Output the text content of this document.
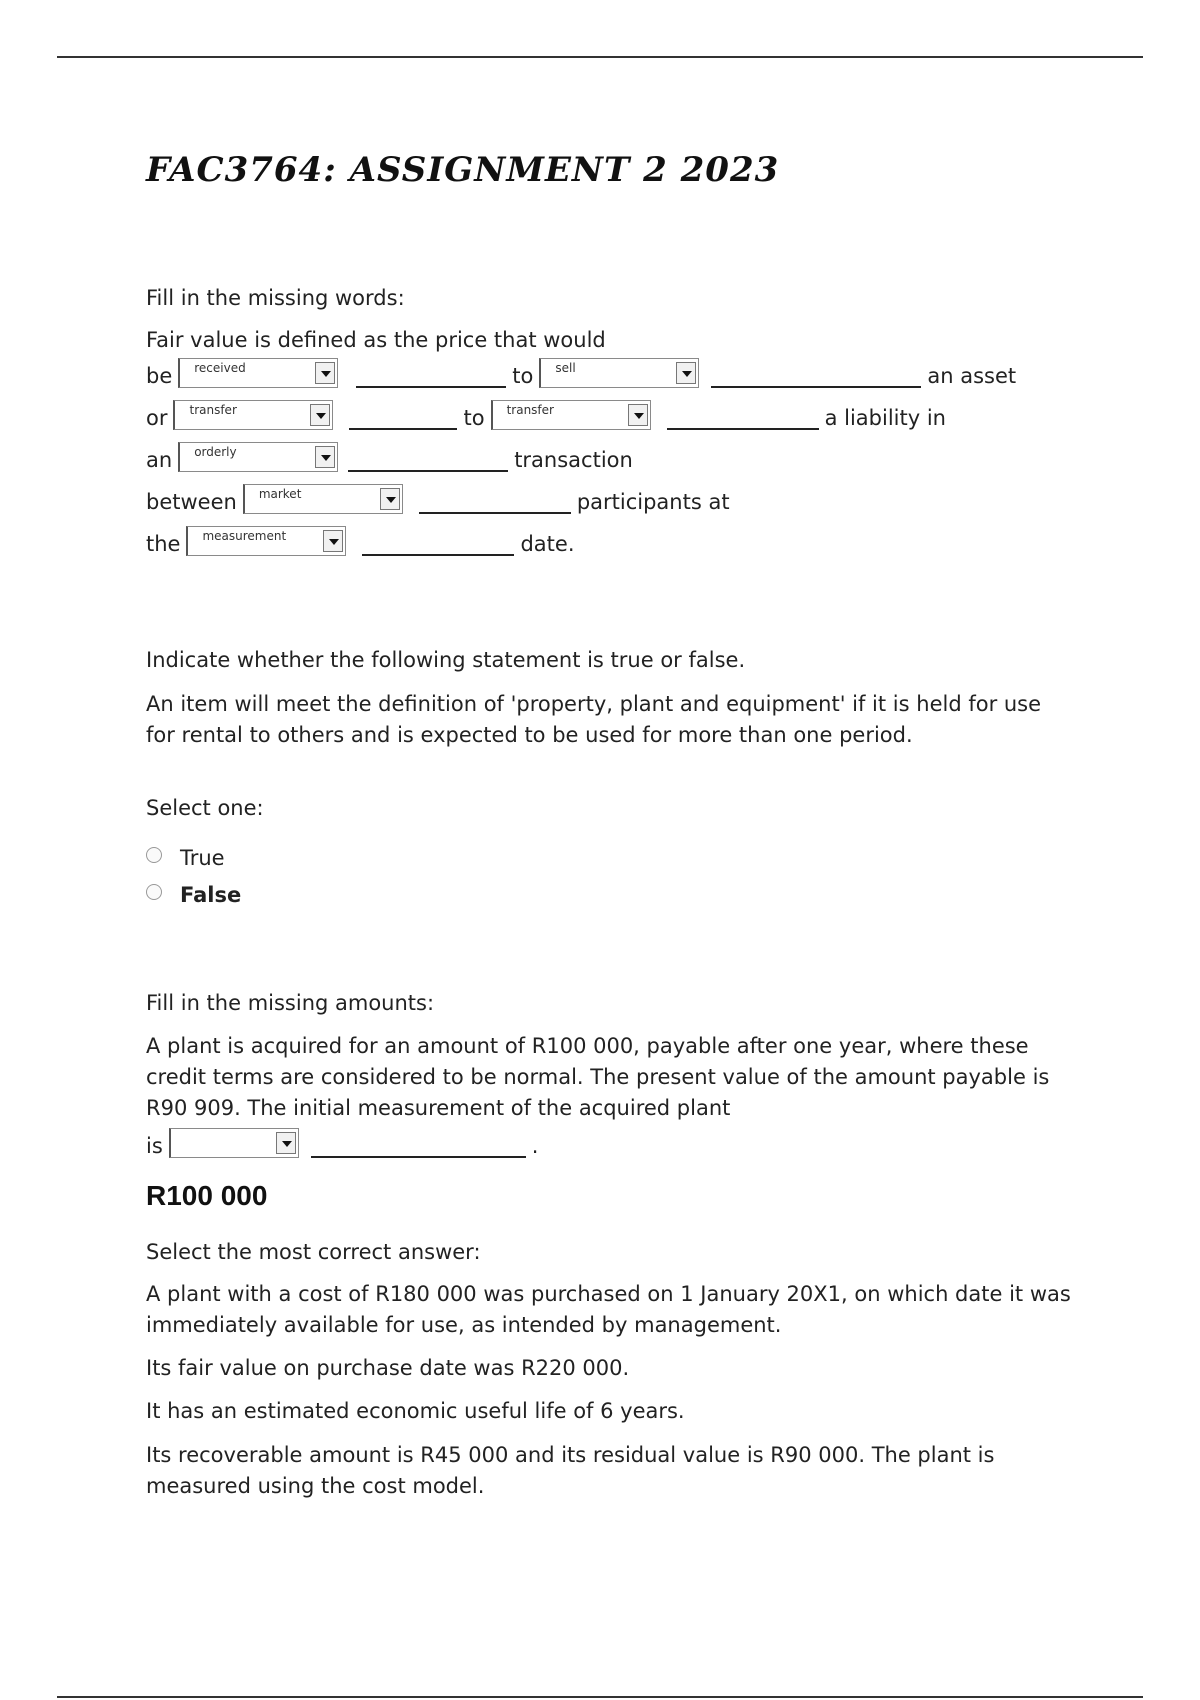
FAC3764: ASSIGNMENT 2 2023
Fill in the missing words:
Fair value is defined as the price that would
be received	to sell	an asset
or transfer	to transfer	a liability in
an orderly	transaction
between market	participants at
the measurement	date.
Indicate whether the following statement is true or false.
An item will meet the definition of 'property, plant and equipment' if it is held for use for rental to others and is expected to be used for more than one period.
Select one:
True
False
Fill in the missing amounts:
A plant is acquired for an amount of R100 000, payable after one year, where these credit terms are considered to be normal. The present value of the amount payable is R90 909. The initial measurement of the acquired plant
is	.
R100 000
Select the most correct answer:
A plant with a cost of R180 000 was purchased on 1 January 20X1, on which date it was immediately available for use, as intended by management.
Its fair value on purchase date was R220 000.
It has an estimated economic useful life of 6 years.
Its recoverable amount is R45 000 and its residual value is R90 000. The plant is measured using the cost model.
